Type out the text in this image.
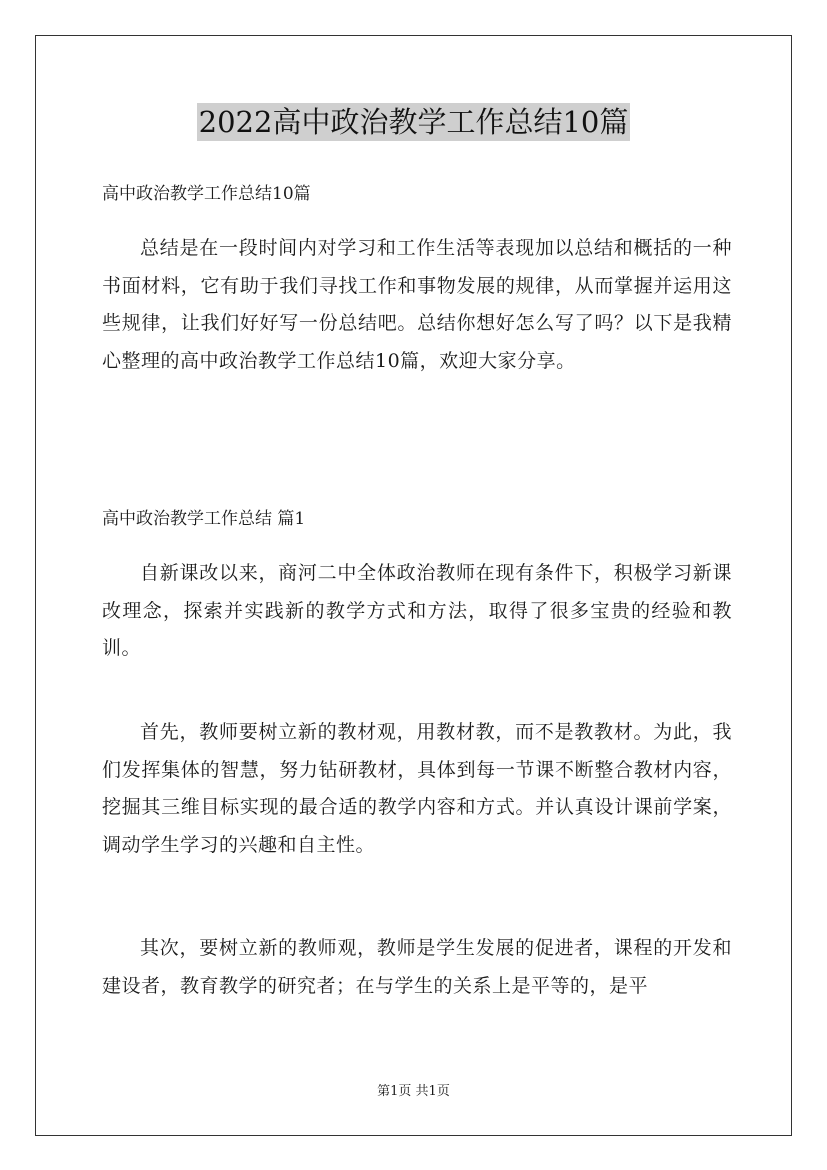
2022高中政治教学工作总结10篇
高中政治教学工作总结10篇
总结是在一段时间内对学习和工作生活等表现加以总结和概括的一种书面材料，它有助于我们寻找工作和事物发展的规律，从而掌握并运用这些规律，让我们好好写一份总结吧。总结你想好怎么写了吗？以下是我精心整理的高中政治教学工作总结10篇，欢迎大家分享。
高中政治教学工作总结 篇1
自新课改以来，商河二中全体政治教师在现有条件下，积极学习新课改理念，探索并实践新的教学方式和方法，取得了很多宝贵的经验和教训。
首先，教师要树立新的教材观，用教材教，而不是教教材。为此，我们发挥集体的智慧，努力钻研教材，具体到每一节课不断整合教材内容，挖掘其三维目标实现的最合适的教学内容和方式。并认真设计课前学案，调动学生学习的兴趣和自主性。
其次，要树立新的教师观，教师是学生发展的促进者，课程的开发和建设者，教育教学的研究者；在与学生的关系上是平等的，是平
第1页 共1页
